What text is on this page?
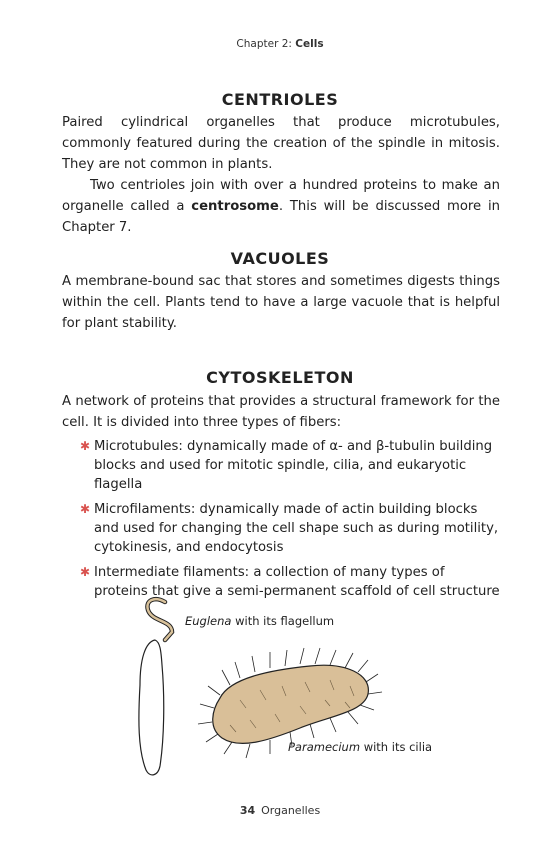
Chapter 2: Cells
CENTRIOLES

Paired cylindrical organelles that produce microtubules, commonly featured during the creation of the spindle in mitosis. They are not common in plants.

Two centrioles join with over a hundred proteins to make an organelle called a centrosome. This will be discussed more in Chapter 7.

VACUOLES

A membrane-bound sac that stores and sometimes digests things within the cell. Plants tend to have a large vacuole that is helpful for plant stability.

CYTOSKELETON

A network of proteins that provides a structural framework for the cell. It is divided into three types of fibers:

✱ Microtubules: dynamically made of α- and β-tubulin building blocks and used for mitotic spindle, cilia, and eukaryotic flagella
✱ Microfilaments: dynamically made of actin building blocks and used for changing the cell shape such as during motility, cytokinesis, and endocytosis
✱ Intermediate filaments: a collection of many types of proteins that give a semi-permanent scaffold of cell structure
Euglena with its flagellum
Paramecium with its cilia
34 Organelles
